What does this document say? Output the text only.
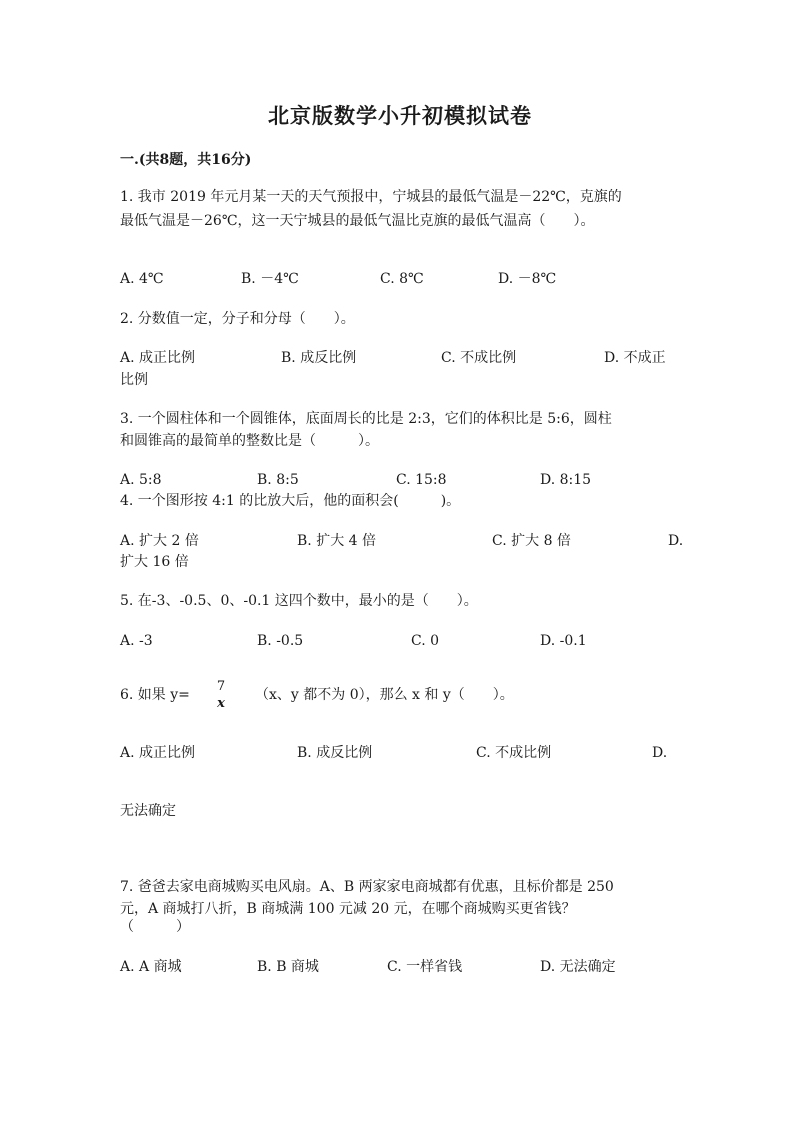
北京版数学小升初模拟试卷
一.(共8题，共16分)
1. 我市 2019 年元月某一天的天气预报中，宁城县的最低气温是－22℃，克旗的
最低气温是－26℃，这一天宁城县的最低气温比克旗的最低气温高（　　）。
A. 4℃	B. －4℃	C. 8℃	D. －8℃
2. 分数值一定，分子和分母（　　）。
A. 成正比例	B. 成反比例	C. 不成比例	D. 不成正
比例
3. 一个圆柱体和一个圆锥体，底面周长的比是 2:3，它们的体积比是 5:6，圆柱
和圆锥高的最简单的整数比是（　　　）。
A. 5:8	B. 8:5	C. 15:8	D. 8:15
4. 一个图形按 4:1 的比放大后，他的面积会(　　　)。
A. 扩大 2 倍	B. 扩大 4 倍	C. 扩大 8 倍	D.
扩大 16 倍
5. 在-3、-0.5、0、-0.1 这四个数中，最小的是（　　）。
A. -3	B. -0.5	C. 0	D. -0.1
6. 如果 y=
7
x
（x、y 都不为 0），那么 x 和 y（　　）。
A. 成正比例	B. 成反比例	C. 不成比例	D.
无法确定
7. 爸爸去家电商城购买电风扇。A、B 两家家电商城都有优惠，且标价都是 250
元，A 商城打八折，B 商城满 100 元减 20 元，在哪个商城购买更省钱？
（　　　）
A. A 商城	B. B 商城	C. 一样省钱	D. 无法确定
